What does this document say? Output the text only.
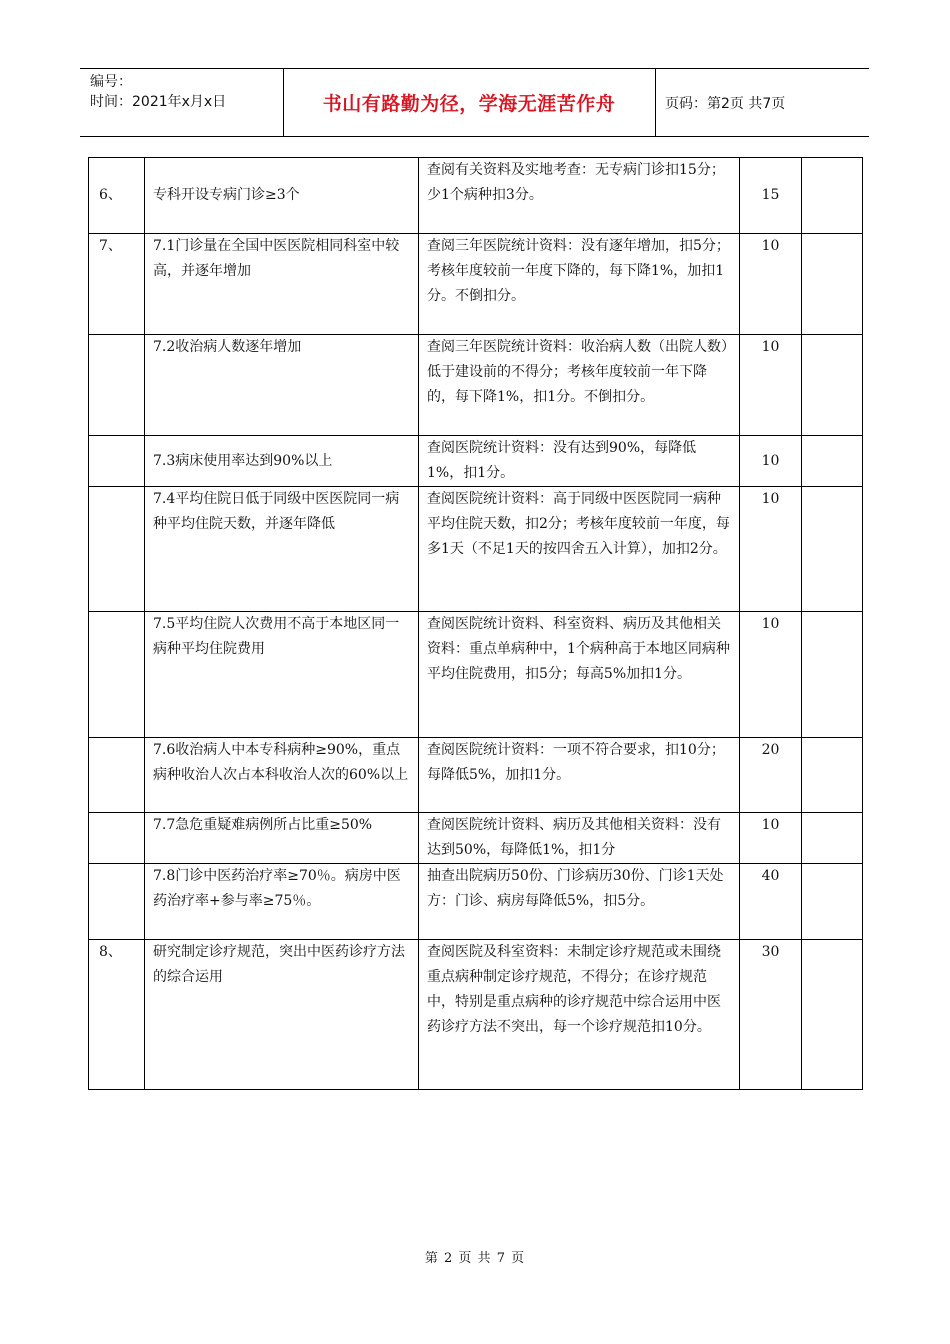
编号：
时间：2021年x月x日	书山有路勤为径，学海无涯苦作舟	页码：第2页 共7页
6、	专科开设专病门诊≥3个	查阅有关资料及实地考查：无专病门诊扣15分；少1个病种扣3分。	15	
7、	7.1门诊量在全国中医医院相同科室中较高，并逐年增加	查阅三年医院统计资料：没有逐年增加，扣5分；考核年度较前一年度下降的，每下降1%，加扣1分。不倒扣分。	10	
	7.2收治病人数逐年增加	查阅三年医院统计资料：收治病人数（出院人数）低于建设前的不得分；考核年度较前一年下降的，每下降1%，扣1分。不倒扣分。	10	
	7.3病床使用率达到90%以上	查阅医院统计资料：没有达到90%，每降低1%，扣1分。	10	
	7.4平均住院日低于同级中医医院同一病种平均住院天数，并逐年降低	查阅医院统计资料：高于同级中医医院同一病种平均住院天数，扣2分；考核年度较前一年度，每多1天（不足1天的按四舍五入计算），加扣2分。	10	
	7.5平均住院人次费用不高于本地区同一病种平均住院费用	查阅医院统计资料、科室资料、病历及其他相关资料：重点单病种中，1个病种高于本地区同病种平均住院费用，扣5分；每高5%加扣1分。	10	
	7.6收治病人中本专科病种≥90%，重点病种收治人次占本科收治人次的60%以上	查阅医院统计资料：一项不符合要求，扣10分；每降低5%，加扣1分。	20	
	7.7急危重疑难病例所占比重≥50%	查阅医院统计资料、病历及其他相关资料：没有达到50%，每降低1%，扣1分	10	
	7.8门诊中医药治疗率≥70％。病房中医药治疗率+参与率≥75％。	抽查出院病历50份、门诊病历30份、门诊1天处方：门诊、病房每降低5%，扣5分。	40	
8、	研究制定诊疗规范，突出中医药诊疗方法的综合运用	查阅医院及科室资料：未制定诊疗规范或未围绕重点病种制定诊疗规范，不得分；在诊疗规范中，特别是重点病种的诊疗规范中综合运用中医药诊疗方法不突出，每一个诊疗规范扣10分。	30	
第 2 页 共 7 页
